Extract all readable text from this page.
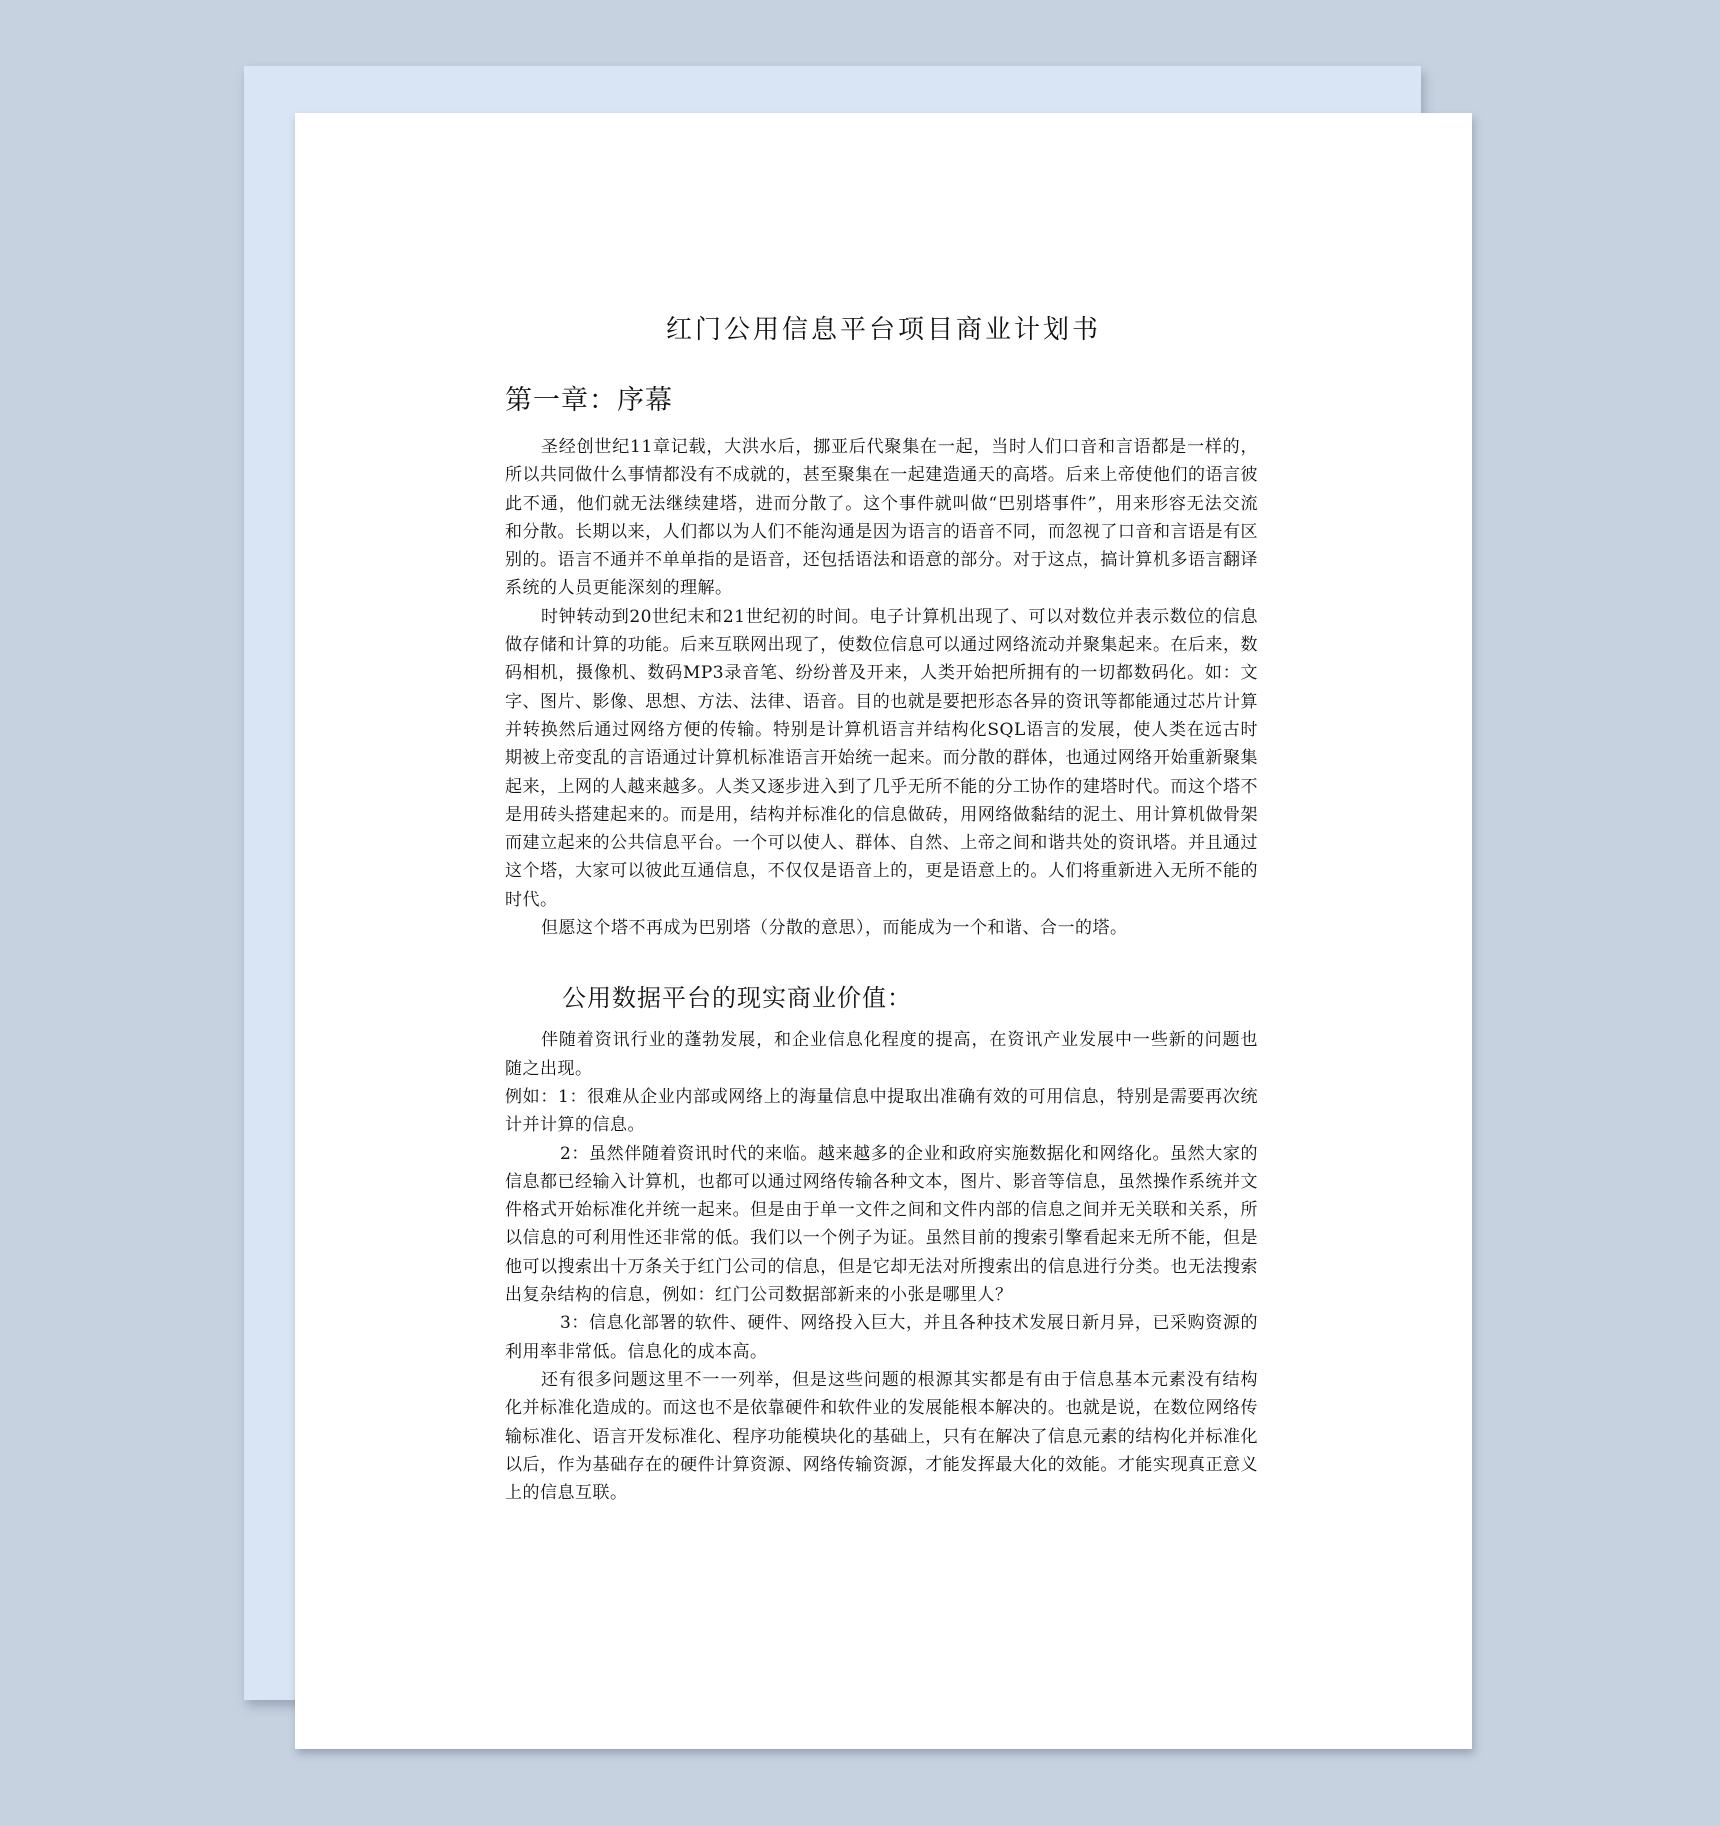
红门公用信息平台项目商业计划书
第一章：序幕

圣经创世纪11章记载，大洪水后，挪亚后代聚集在一起，当时人们口音和言语都是一样的，所以共同做什么事情都没有不成就的，甚至聚集在一起建造通天的高塔。后来上帝使他们的语言彼此不通，他们就无法继续建塔，进而分散了。这个事件就叫做“巴别塔事件”，用来形容无法交流和分散。长期以来，人们都以为人们不能沟通是因为语言的语音不同，而忽视了口音和言语是有区别的。语言不通并不单单指的是语音，还包括语法和语意的部分。对于这点，搞计算机多语言翻译系统的人员更能深刻的理解。

时钟转动到20世纪末和21世纪初的时间。电子计算机出现了、可以对数位并表示数位的信息做存储和计算的功能。后来互联网出现了，使数位信息可以通过网络流动并聚集起来。在后来，数码相机，摄像机、数码MP3录音笔、纷纷普及开来，人类开始把所拥有的一切都数码化。如：文字、图片、影像、思想、方法、法律、语音。目的也就是要把形态各异的资讯等都能通过芯片计算并转换然后通过网络方便的传输。特别是计算机语言并结构化SQL语言的发展，使人类在远古时期被上帝变乱的言语通过计算机标准语言开始统一起来。而分散的群体，也通过网络开始重新聚集起来，上网的人越来越多。人类又逐步进入到了几乎无所不能的分工协作的建塔时代。而这个塔不是用砖头搭建起来的。而是用，结构并标准化的信息做砖，用网络做黏结的泥土、用计算机做骨架而建立起来的公共信息平台。一个可以使人、群体、自然、上帝之间和谐共处的资讯塔。并且通过这个塔，大家可以彼此互通信息，不仅仅是语音上的，更是语意上的。人们将重新进入无所不能的时代。

但愿这个塔不再成为巴别塔（分散的意思），而能成为一个和谐、合一的塔。

公用数据平台的现实商业价值：

伴随着资讯行业的蓬勃发展，和企业信息化程度的提高，在资讯产业发展中一些新的问题也随之出现。

例如：1：很难从企业内部或网络上的海量信息中提取出准确有效的可用信息，特别是需要再次统计并计算的信息。

2：虽然伴随着资讯时代的来临。越来越多的企业和政府实施数据化和网络化。虽然大家的信息都已经输入计算机，也都可以通过网络传输各种文本，图片、影音等信息，虽然操作系统并文件格式开始标准化并统一起来。但是由于单一文件之间和文件内部的信息之间并无关联和关系，所以信息的可利用性还非常的低。我们以一个例子为证。虽然目前的搜索引擎看起来无所不能，但是他可以搜索出十万条关于红门公司的信息，但是它却无法对所搜索出的信息进行分类。也无法搜索出复杂结构的信息，例如：红门公司数据部新来的小张是哪里人？

3：信息化部署的软件、硬件、网络投入巨大，并且各种技术发展日新月异，已采购资源的利用率非常低。信息化的成本高。

还有很多问题这里不一一列举，但是这些问题的根源其实都是有由于信息基本元素没有结构化并标准化造成的。而这也不是依靠硬件和软件业的发展能根本解决的。也就是说，在数位网络传输标准化、语言开发标准化、程序功能模块化的基础上，只有在解决了信息元素的结构化并标准化以后，作为基础存在的硬件计算资源、网络传输资源，才能发挥最大化的效能。才能实现真正意义上的信息互联。
